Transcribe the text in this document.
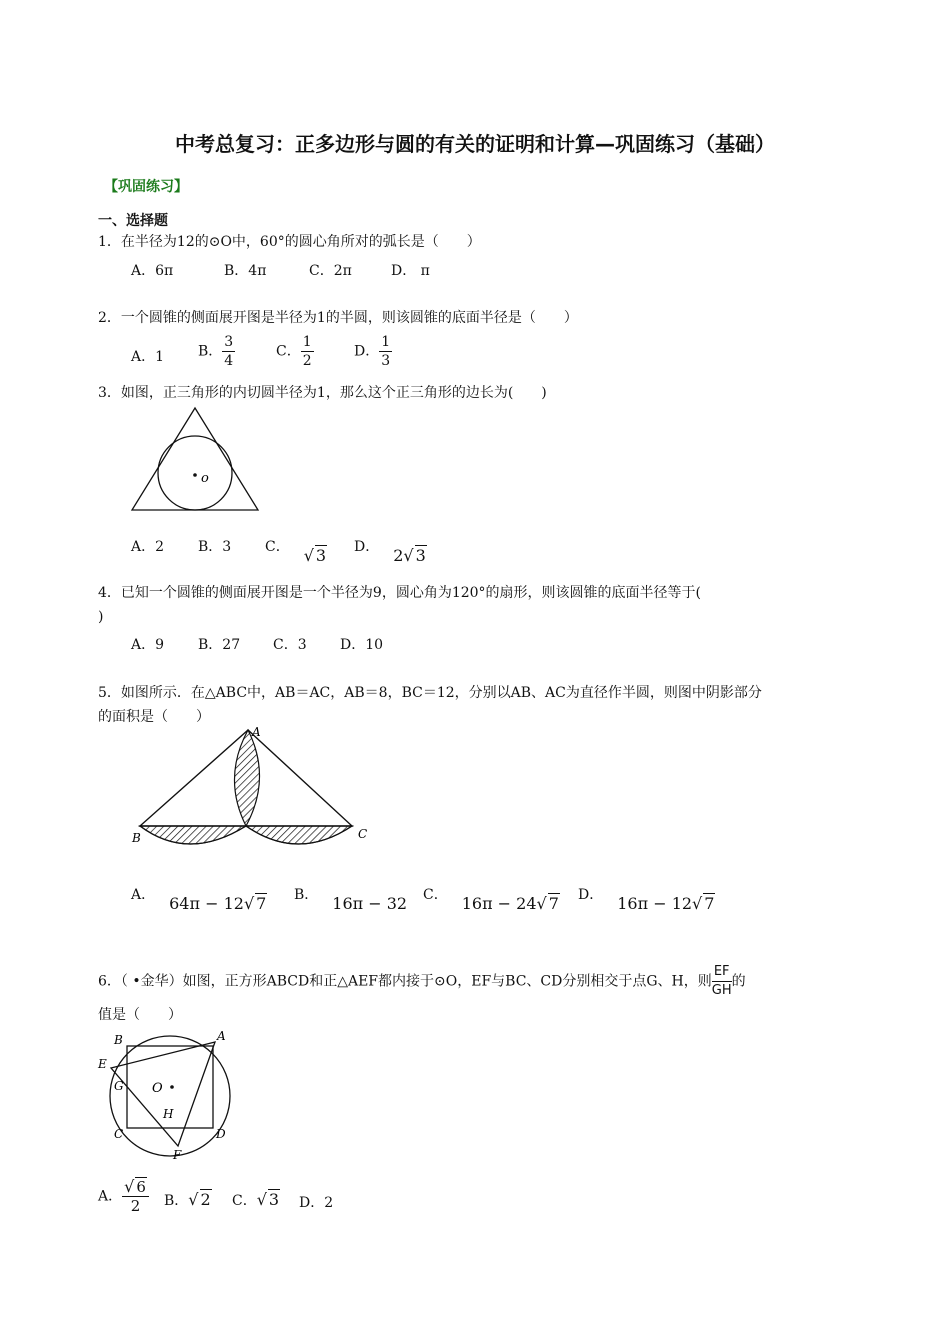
中考总复习：正多边形与圆的有关的证明和计算—巩固练习（基础）
【巩固练习】
一、选择题
1．在半径为12的⊙O中，60°的圆心角所对的弧长是（　　）
A．6π	B．4π	C．2π	D． π
2．一个圆锥的侧面展开图是半径为1的半圆，则该圆锥的底面半径是（　　）
A．1 B． $\frac{3}{4}$	C． $\frac{1}{2}$	D． $\frac{1}{3}$
3．如图，正三角形的内切圆半径为1，那么这个正三角形的边长为(　　)
o
A．2 B．3 C． √ 3 D． 2√ 3
4．已知一个圆锥的侧面展开图是一个半径为9，圆心角为120°的扇形，则该圆锥的底面半径等于(
)
A．9 B．27 C．3 D．10
5．如图所示．在△ABC中，AB＝AC，AB＝8，BC＝12，分别以AB、AC为直径作半圆，则图中阴影部分
的面积是（　　）
A
B	C
A． 64π − 12√ 7 B． 16π − 32 C． 16π − 24√ 7 D． 16π − 12√ 7
6．（ •金华）如图，正方形ABCD和正△AEF都内接于⊙O，EF与BC、CD分别相交于点G、H，则 $\frac{EF}{GH}$ 的
值是（　　）
O
A
B
C	D
E
F
G
H
A． $\frac{√ 6}{2}$ B．√ 2 C．√ 3 D．2
